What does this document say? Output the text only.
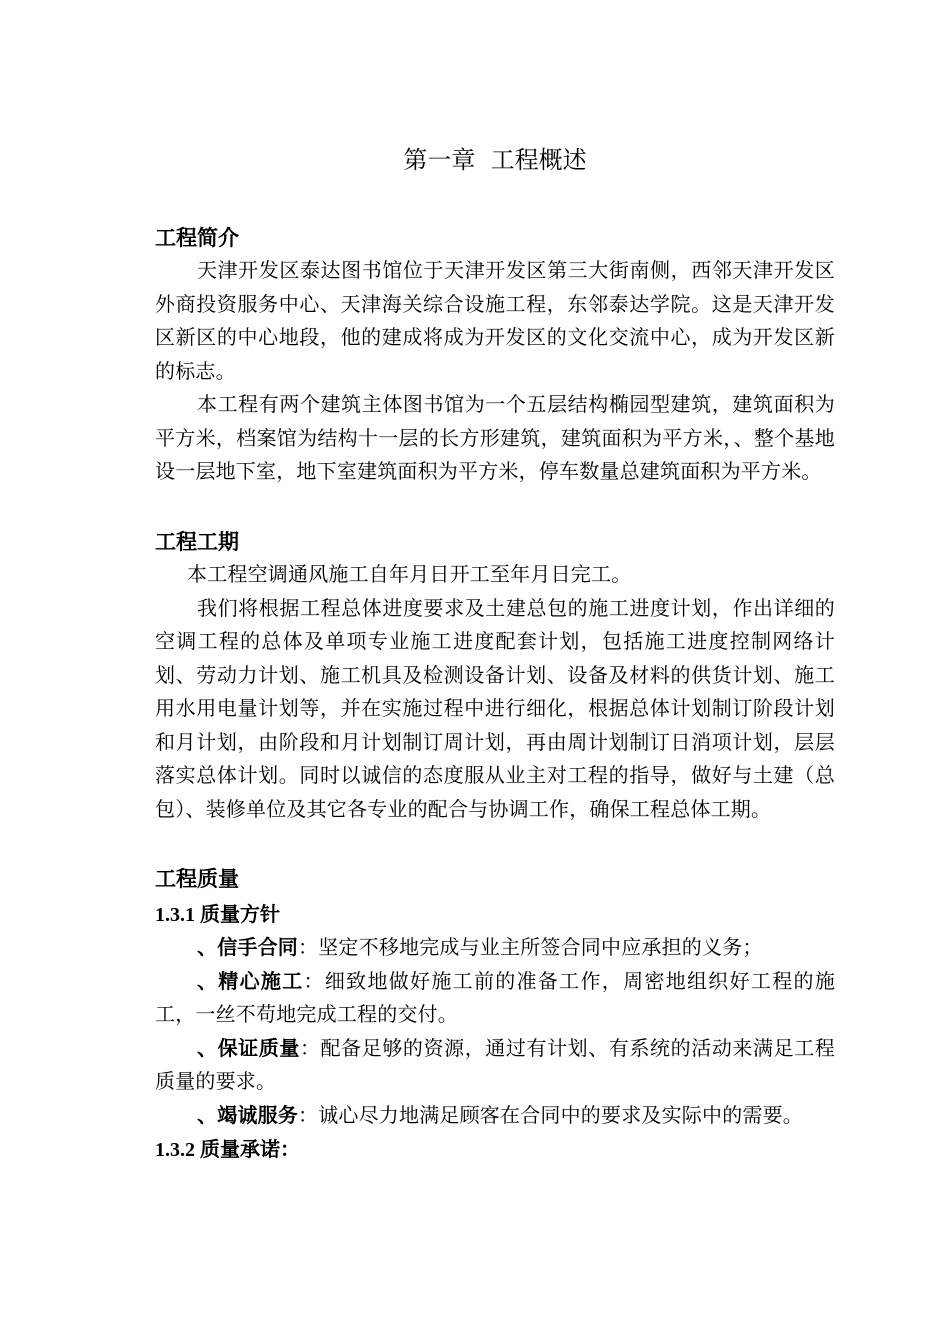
第一章  工程概述

工程简介

天津开发区泰达图书馆位于天津开发区第三大街南侧，西邻天津开发区外商投资服务中心、天津海关综合设施工程，东邻泰达学院。这是天津开发区新区的中心地段，他的建成将成为开发区的文化交流中心，成为开发区新的标志。

本工程有两个建筑主体图书馆为一个五层结构椭园型建筑，建筑面积为平方米，档案馆为结构十一层的长方形建筑，建筑面积为平方米，、整个基地设一层地下室，地下室建筑面积为平方米，停车数量总建筑面积为平方米。

工程工期

本工程空调通风施工自年月日开工至年月日完工。

我们将根据工程总体进度要求及土建总包的施工进度计划，作出详细的空调工程的总体及单项专业施工进度配套计划，包括施工进度控制网络计划、劳动力计划、施工机具及检测设备计划、设备及材料的供货计划、施工用水用电量计划等，并在实施过程中进行细化，根据总体计划制订阶段计划和月计划，由阶段和月计划制订周计划，再由周计划制订日消项计划，层层落实总体计划。同时以诚信的态度服从业主对工程的指导，做好与土建（总包）、装修单位及其它各专业的配合与协调工作，确保工程总体工期。

工程质量

1.3.1 质量方针

、信手合同：坚定不移地完成与业主所签合同中应承担的义务；

、精心施工：细致地做好施工前的准备工作，周密地组织好工程的施工，一丝不苟地完成工程的交付。

、保证质量：配备足够的资源，通过有计划、有系统的活动来满足工程质量的要求。

、竭诚服务：诚心尽力地满足顾客在合同中的要求及实际中的需要。

1.3.2 质量承诺：
